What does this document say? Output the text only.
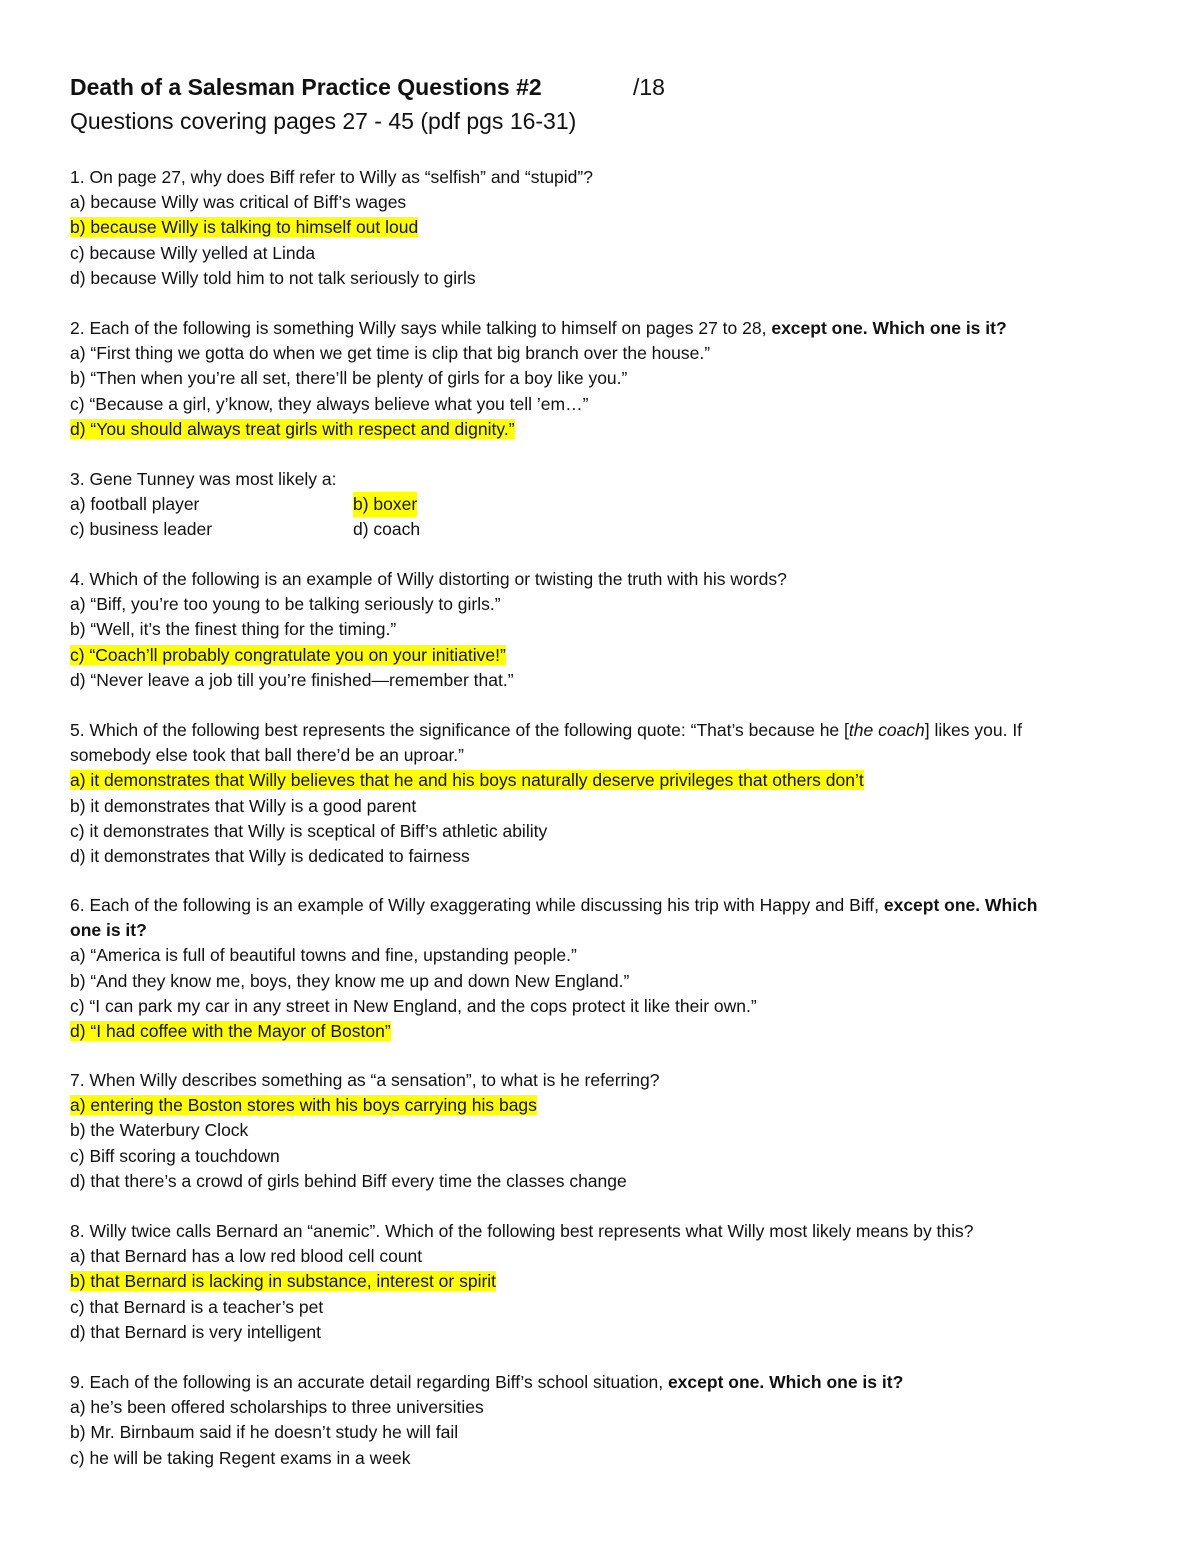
Death of a Salesman Practice Questions #2	/18
Questions covering pages 27 - 45 (pdf pgs 16-31)
1. On page 27, why does Biff refer to Willy as “selfish” and “stupid”?
a) because Willy was critical of Biff’s wages
b) because Willy is talking to himself out loud
c) because Willy yelled at Linda
d) because Willy told him to not talk seriously to girls
2. Each of the following is something Willy says while talking to himself on pages 27 to 28, except one. Which one is it?
a) “First thing we gotta do when we get time is clip that big branch over the house.”
b) “Then when you’re all set, there’ll be plenty of girls for a boy like you.”
c) “Because a girl, y’know, they always believe what you tell ’em…”
d) “You should always treat girls with respect and dignity.”
3. Gene Tunney was most likely a:
a) football player	b) boxer
c) business leader	d) coach
4. Which of the following is an example of Willy distorting or twisting the truth with his words?
a) “Biff, you’re too young to be talking seriously to girls.”
b) “Well, it’s the finest thing for the timing.”
c) “Coach’ll probably congratulate you on your initiative!”
d) “Never leave a job till you’re finished—remember that.”
5. Which of the following best represents the significance of the following quote: “That’s because he [the coach] likes you. If
somebody else took that ball there’d be an uproar.”
a) it demonstrates that Willy believes that he and his boys naturally deserve privileges that others don’t
b) it demonstrates that Willy is a good parent
c) it demonstrates that Willy is sceptical of Biff’s athletic ability
d) it demonstrates that Willy is dedicated to fairness
6. Each of the following is an example of Willy exaggerating while discussing his trip with Happy and Biff, except one. Which
one is it?
a) “America is full of beautiful towns and fine, upstanding people.”
b) “And they know me, boys, they know me up and down New England.”
c) “I can park my car in any street in New England, and the cops protect it like their own.”
d) “I had coffee with the Mayor of Boston”
7. When Willy describes something as “a sensation”, to what is he referring?
a) entering the Boston stores with his boys carrying his bags
b) the Waterbury Clock
c) Biff scoring a touchdown
d) that there’s a crowd of girls behind Biff every time the classes change
8. Willy twice calls Bernard an “anemic”. Which of the following best represents what Willy most likely means by this?
a) that Bernard has a low red blood cell count
b) that Bernard is lacking in substance, interest or spirit
c) that Bernard is a teacher’s pet
d) that Bernard is very intelligent
9. Each of the following is an accurate detail regarding Biff’s school situation, except one. Which one is it?
a) he’s been offered scholarships to three universities
b) Mr. Birnbaum said if he doesn’t study he will fail
c) he will be taking Regent exams in a week
